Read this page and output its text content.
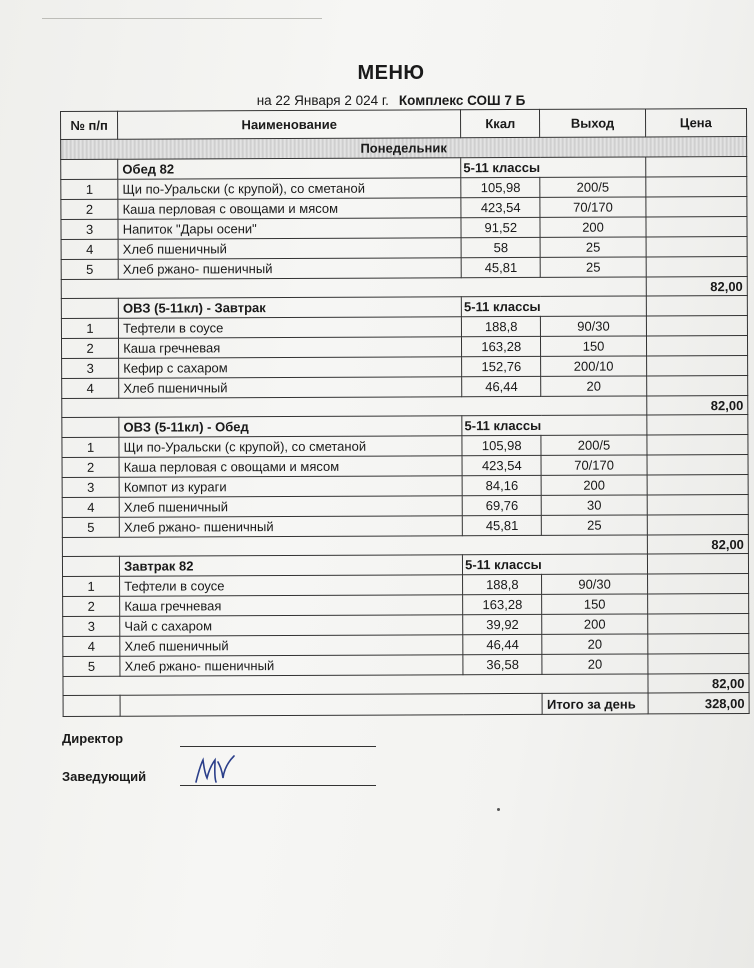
МЕНЮ
на 22 Января 2 024 г. Комплекс СОШ 7 Б
№ п/п	Наименование	Ккал	Выход	Цена
Понедельник				
	Обед 82	5-11 классы		
1	Щи по-Уральски (с крупой), со сметаной	105,98	200/5	
2	Каша перловая с овощами и мясом	423,54	70/170	
3	Напиток "Дары осени"	91,52	200	
4	Хлеб пшеничный	58	25	
5	Хлеб ржано- пшеничный	45,81	25	
				82,00
	ОВЗ (5-11кл) - Завтрак	5-11 классы		
1	Тефтели в соусе	188,8	90/30	
2	Каша гречневая	163,28	150	
3	Кефир с сахаром	152,76	200/10	
4	Хлеб пшеничный	46,44	20	
				82,00
	ОВЗ (5-11кл) - Обед	5-11 классы		
1	Щи по-Уральски (с крупой), со сметаной	105,98	200/5	
2	Каша перловая с овощами и мясом	423,54	70/170	
3	Компот из кураги	84,16	200	
4	Хлеб пшеничный	69,76	30	
5	Хлеб ржано- пшеничный	45,81	25	
				82,00
	Завтрак 82	5-11 классы		
1	Тефтели в соусе	188,8	90/30	
2	Каша гречневая	163,28	150	
3	Чай с сахаром	39,92	200	
4	Хлеб пшеничный	46,44	20	
5	Хлеб ржано- пшеничный	36,58	20	
				82,00
			Итого за день	328,00
Директор
Заведующий
